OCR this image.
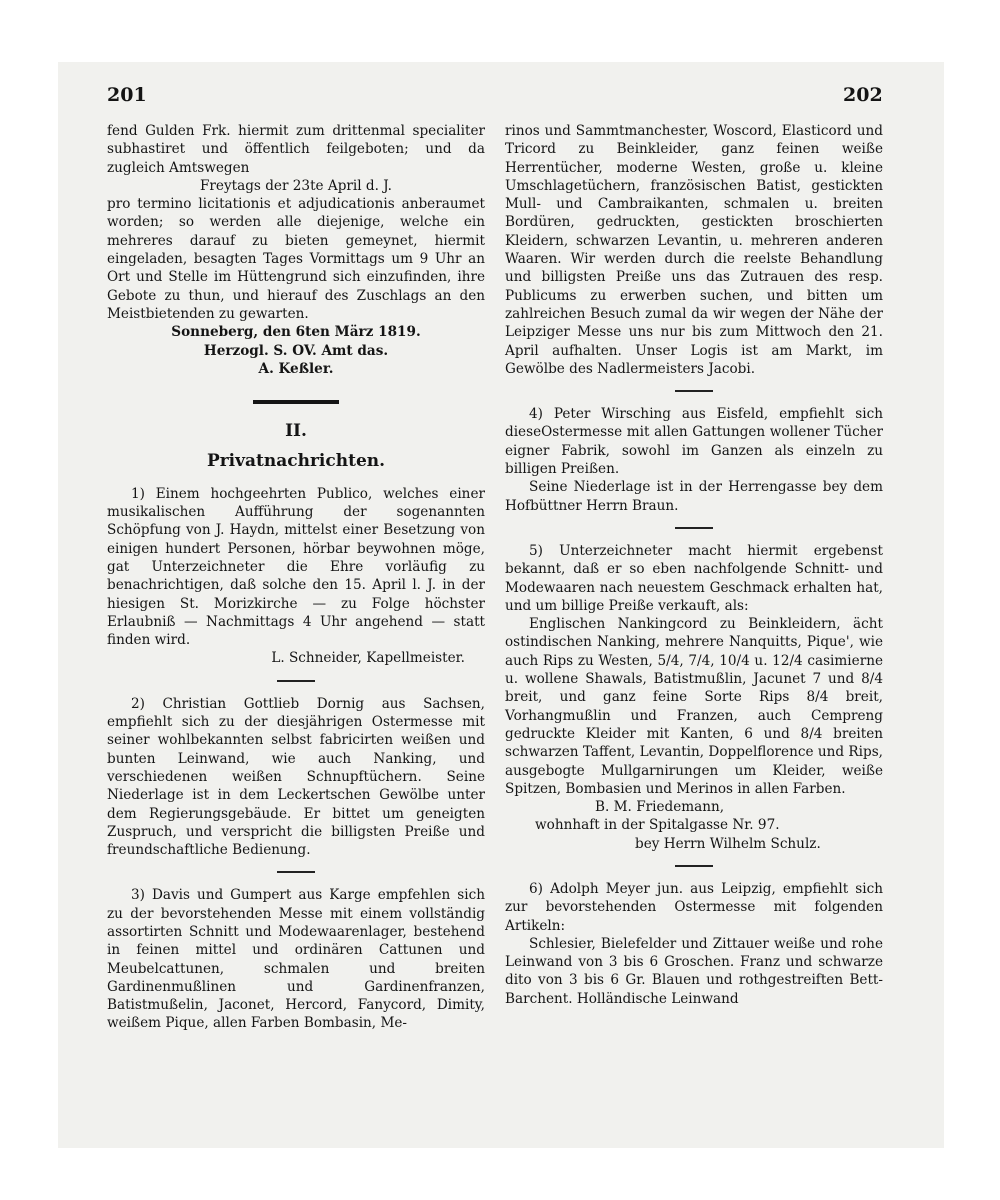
201	202

fend Gulden Frk. hiermit zum drittenmal specialiter subhastiret und öffentlich feilgeboten; und da zugleich Amtswegen

Freytags der 23te April d. J.

pro termino licitationis et adjudicationis anberaumet worden; so werden alle diejenige, welche ein mehreres darauf zu bieten gemeynet, hiermit eingeladen, besagten Tages Vormittags um 9 Uhr an Ort und Stelle im Hüttengrund sich einzufinden, ihre Gebote zu thun, und hierauf des Zuschlags an den Meistbietenden zu gewarten.

Sonneberg, den 6ten März 1819.

Herzogl. S. OV. Amt das.

A. Keßler.

II.

Privatnachrichten.

1) Einem hochgeehrten Publico, welches einer musikalischen Aufführung der sogenannten Schöpfung von J. Haydn, mittelst einer Besetzung von einigen hundert Personen, hörbar beywohnen möge, gat Unterzeichneter die Ehre vorläufig zu benachrichtigen, daß solche den 15. April l. J. in der hiesigen St. Morizkirche — zu Folge höchster Erlaubniß — Nachmittags 4 Uhr angehend — statt finden wird.

L. Schneider, Kapellmeister.

2) Christian Gottlieb Dornig aus Sachsen, empfiehlt sich zu der diesjährigen Ostermesse mit seiner wohlbekannten selbst fabricirten weißen und bunten Leinwand, wie auch Nanking, und verschiedenen weißen Schnupftüchern. Seine Niederlage ist in dem Leckertschen Gewölbe unter dem Regierungsgebäude. Er bittet um geneigten Zuspruch, und verspricht die billigsten Preiße und freundschaftliche Bedienung.

3) Davis und Gumpert aus Karge empfehlen sich zu der bevorstehenden Messe mit einem vollständig assortirten Schnitt und Modewaarenlager, bestehend in feinen mittel und ordinären Cattunen und Meubelcattunen, schmalen und breiten Gardinenmußlinen und Gardinenfranzen, Batistmußelin, Jaconet, Hercord, Fanycord, Dimity, weißem Pique, allen Farben Bombasin, Me-

rinos und Sammtmanchester, Woscord, Elasticord und Tricord zu Beinkleider, ganz feinen weiße Herrentücher, moderne Westen, große u. kleine Umschlagetüchern, französischen Batist, gestickten Mull- und Cambraikanten, schmalen u. breiten Bordüren, gedruckten, gestickten broschierten Kleidern, schwarzen Levantin, u. mehreren anderen Waaren. Wir werden durch die reelste Behandlung und billigsten Preiße uns das Zutrauen des resp. Publicums zu erwerben suchen, und bitten um zahlreichen Besuch zumal da wir wegen der Nähe der Leipziger Messe uns nur bis zum Mittwoch den 21. April aufhalten. Unser Logis ist am Markt, im Gewölbe des Nadlermeisters Jacobi.

4) Peter Wirsching aus Eisfeld, empfiehlt sich dieseOstermesse mit allen Gattungen wollener Tücher eigner Fabrik, sowohl im Ganzen als einzeln zu billigen Preißen.

Seine Niederlage ist in der Herrengasse bey dem Hofbüttner Herrn Braun.

5) Unterzeichneter macht hiermit ergebenst bekannt, daß er so eben nachfolgende Schnitt- und Modewaaren nach neuestem Geschmack erhalten hat, und um billige Preiße verkauft, als:

Englischen Nankingcord zu Beinkleidern, ächt ostindischen Nanking, mehrere Nanquitts, Pique', wie auch Rips zu Westen, 5/4, 7/4, 10/4 u. 12/4 casimierne u. wollene Shawals, Batistmußlin, Jacunet 7 und 8/4 breit, und ganz feine Sorte Rips 8/4 breit, Vorhangmußlin und Franzen, auch Cempreng gedruckte Kleider mit Kanten, 6 und 8/4 breiten schwarzen Taffent, Levantin, Doppelflorence und Rips, ausgebogte Mullgarnirungen um Kleider, weiße Spitzen, Bombasien und Merinos in allen Farben.

B. M. Friedemann,

wohnhaft in der Spitalgasse Nr. 97.

bey Herrn Wilhelm Schulz.

6) Adolph Meyer jun. aus Leipzig, empfiehlt sich zur bevorstehenden Ostermesse mit folgenden Artikeln:

Schlesier, Bielefelder und Zittauer weiße und rohe Leinwand von 3 bis 6 Groschen. Franz und schwarze dito von 3 bis 6 Gr. Blauen und rothgestreiften Bett-Barchent. Holländische Leinwand
